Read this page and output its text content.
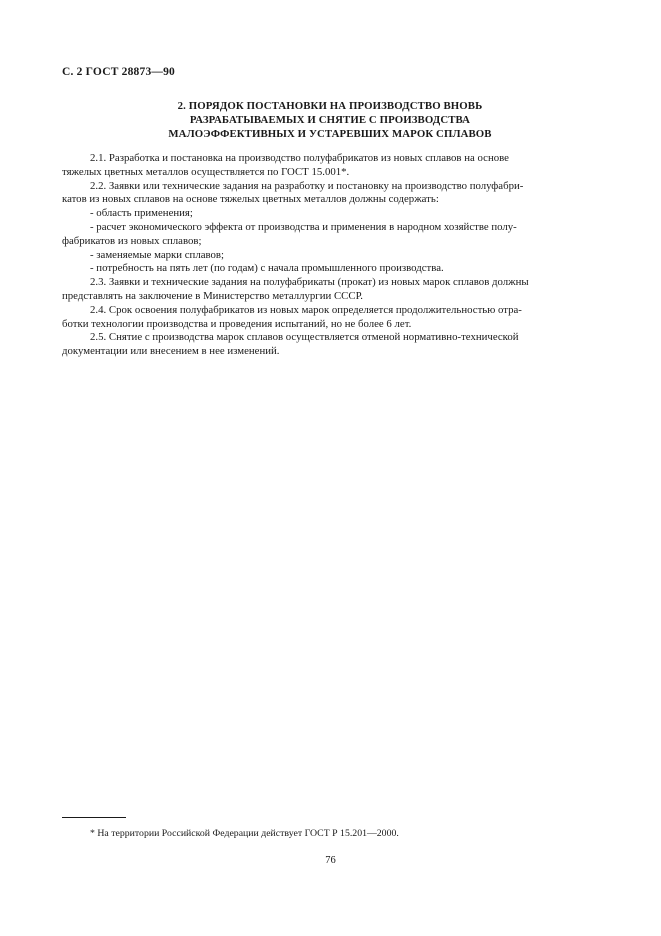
С. 2 ГОСТ 28873—90
2. ПОРЯДОК ПОСТАНОВКИ НА ПРОИЗВОДСТВО ВНОВЬ
РАЗРАБАТЫВАЕМЫХ И СНЯТИЕ С ПРОИЗВОДСТВА
МАЛОЭФФЕКТИВНЫХ И УСТАРЕВШИХ МАРОК СПЛАВОВ

2.1. Разработка и постановка на производство полуфабрикатов из новых сплавов на основе

тяжелых цветных металлов осуществляется по ГОСТ 15.001*.

2.2. Заявки или технические задания на разработку и постановку на производство полуфабри-

катов из новых сплавов на основе тяжелых цветных металлов должны содержать:

- область применения;

- расчет экономического эффекта от производства и применения в народном хозяйстве полу-

фабрикатов из новых сплавов;

- заменяемые марки сплавов;

- потребность на пять лет (по годам) с начала промышленного производства.

2.3. Заявки и технические задания на полуфабрикаты (прокат) из новых марок сплавов должны

представлять на заключение в Министерство металлургии СССР.

2.4. Срок освоения полуфабрикатов из новых марок определяется продолжительностью отра-

ботки технологии производства и проведения испытаний, но не более 6 лет.

2.5. Снятие с производства марок сплавов осуществляется отменой нормативно-технической

документации или внесением в нее изменений.

* На территории Российской Федерации действует ГОСТ Р 15.201—2000.
76
